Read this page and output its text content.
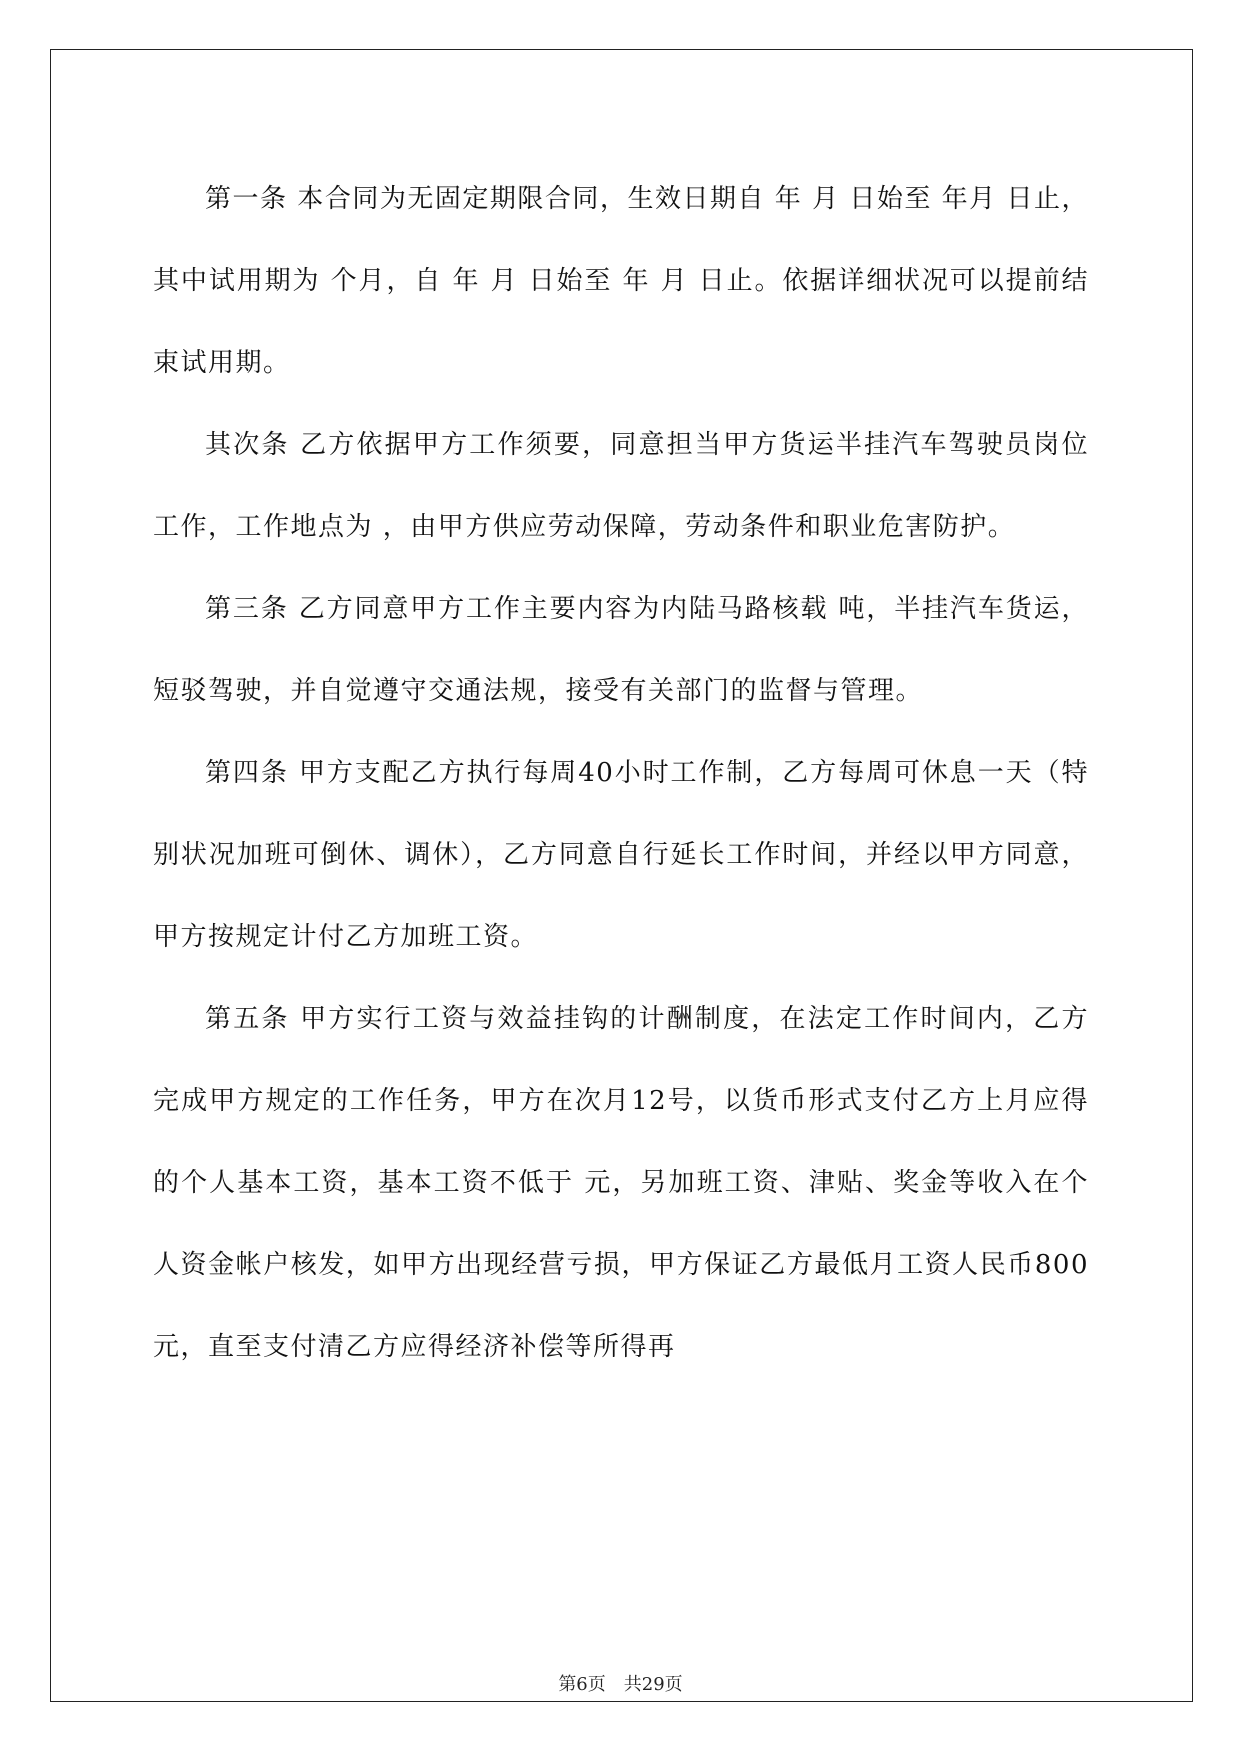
第一条 本合同为无固定期限合同，生效日期自 年 月 日始至 年月 日止，其中试用期为 个月，自 年 月 日始至 年 月 日止。依据详细状况可以提前结束试用期。

其次条 乙方依据甲方工作须要，同意担当甲方货运半挂汽车驾驶员岗位工作，工作地点为 ，由甲方供应劳动保障，劳动条件和职业危害防护。

第三条 乙方同意甲方工作主要内容为内陆马路核载 吨，半挂汽车货运，短驳驾驶，并自觉遵守交通法规，接受有关部门的监督与管理。

第四条 甲方支配乙方执行每周40小时工作制，乙方每周可休息一天（特别状况加班可倒休、调休），乙方同意自行延长工作时间，并经以甲方同意，甲方按规定计付乙方加班工资。

第五条 甲方实行工资与效益挂钩的计酬制度，在法定工作时间内，乙方完成甲方规定的工作任务，甲方在次月12号，以货币形式支付乙方上月应得的个人基本工资，基本工资不低于 元，另加班工资、津贴、奖金等收入在个人资金帐户核发，如甲方出现经营亏损，甲方保证乙方最低月工资人民币800元，直至支付清乙方应得经济补偿等所得再

第6页 共29页
